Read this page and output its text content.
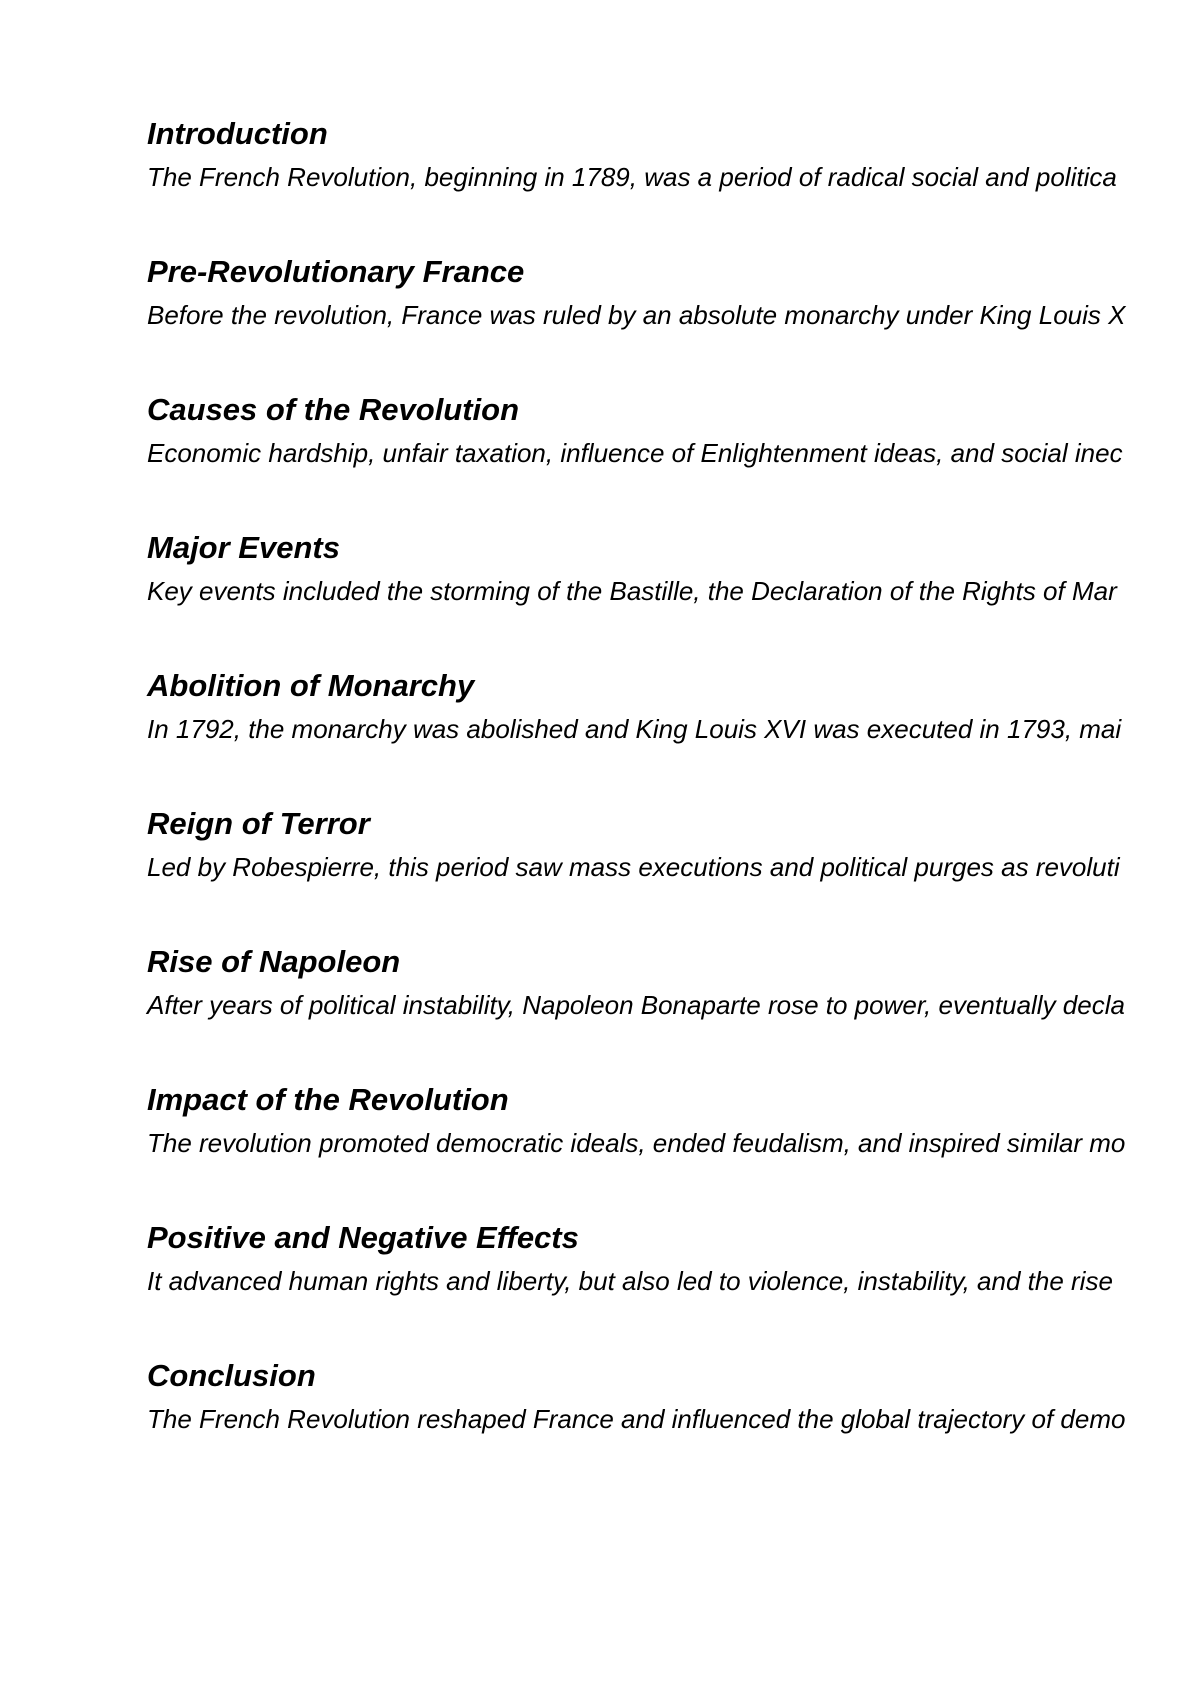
Introduction

The French Revolution, beginning in 1789, was a period of radical social and politica

Pre-Revolutionary France

Before the revolution, France was ruled by an absolute monarchy under King Louis X

Causes of the Revolution

Economic hardship, unfair taxation, influence of Enlightenment ideas, and social inec

Major Events

Key events included the storming of the Bastille, the Declaration of the Rights of Mar

Abolition of Monarchy

In 1792, the monarchy was abolished and King Louis XVI was executed in 1793, mai

Reign of Terror

Led by Robespierre, this period saw mass executions and political purges as revoluti

Rise of Napoleon

After years of political instability, Napoleon Bonaparte rose to power, eventually decla

Impact of the Revolution

The revolution promoted democratic ideals, ended feudalism, and inspired similar mo

Positive and Negative Effects

It advanced human rights and liberty, but also led to violence, instability, and the rise

Conclusion

The French Revolution reshaped France and influenced the global trajectory of demo
